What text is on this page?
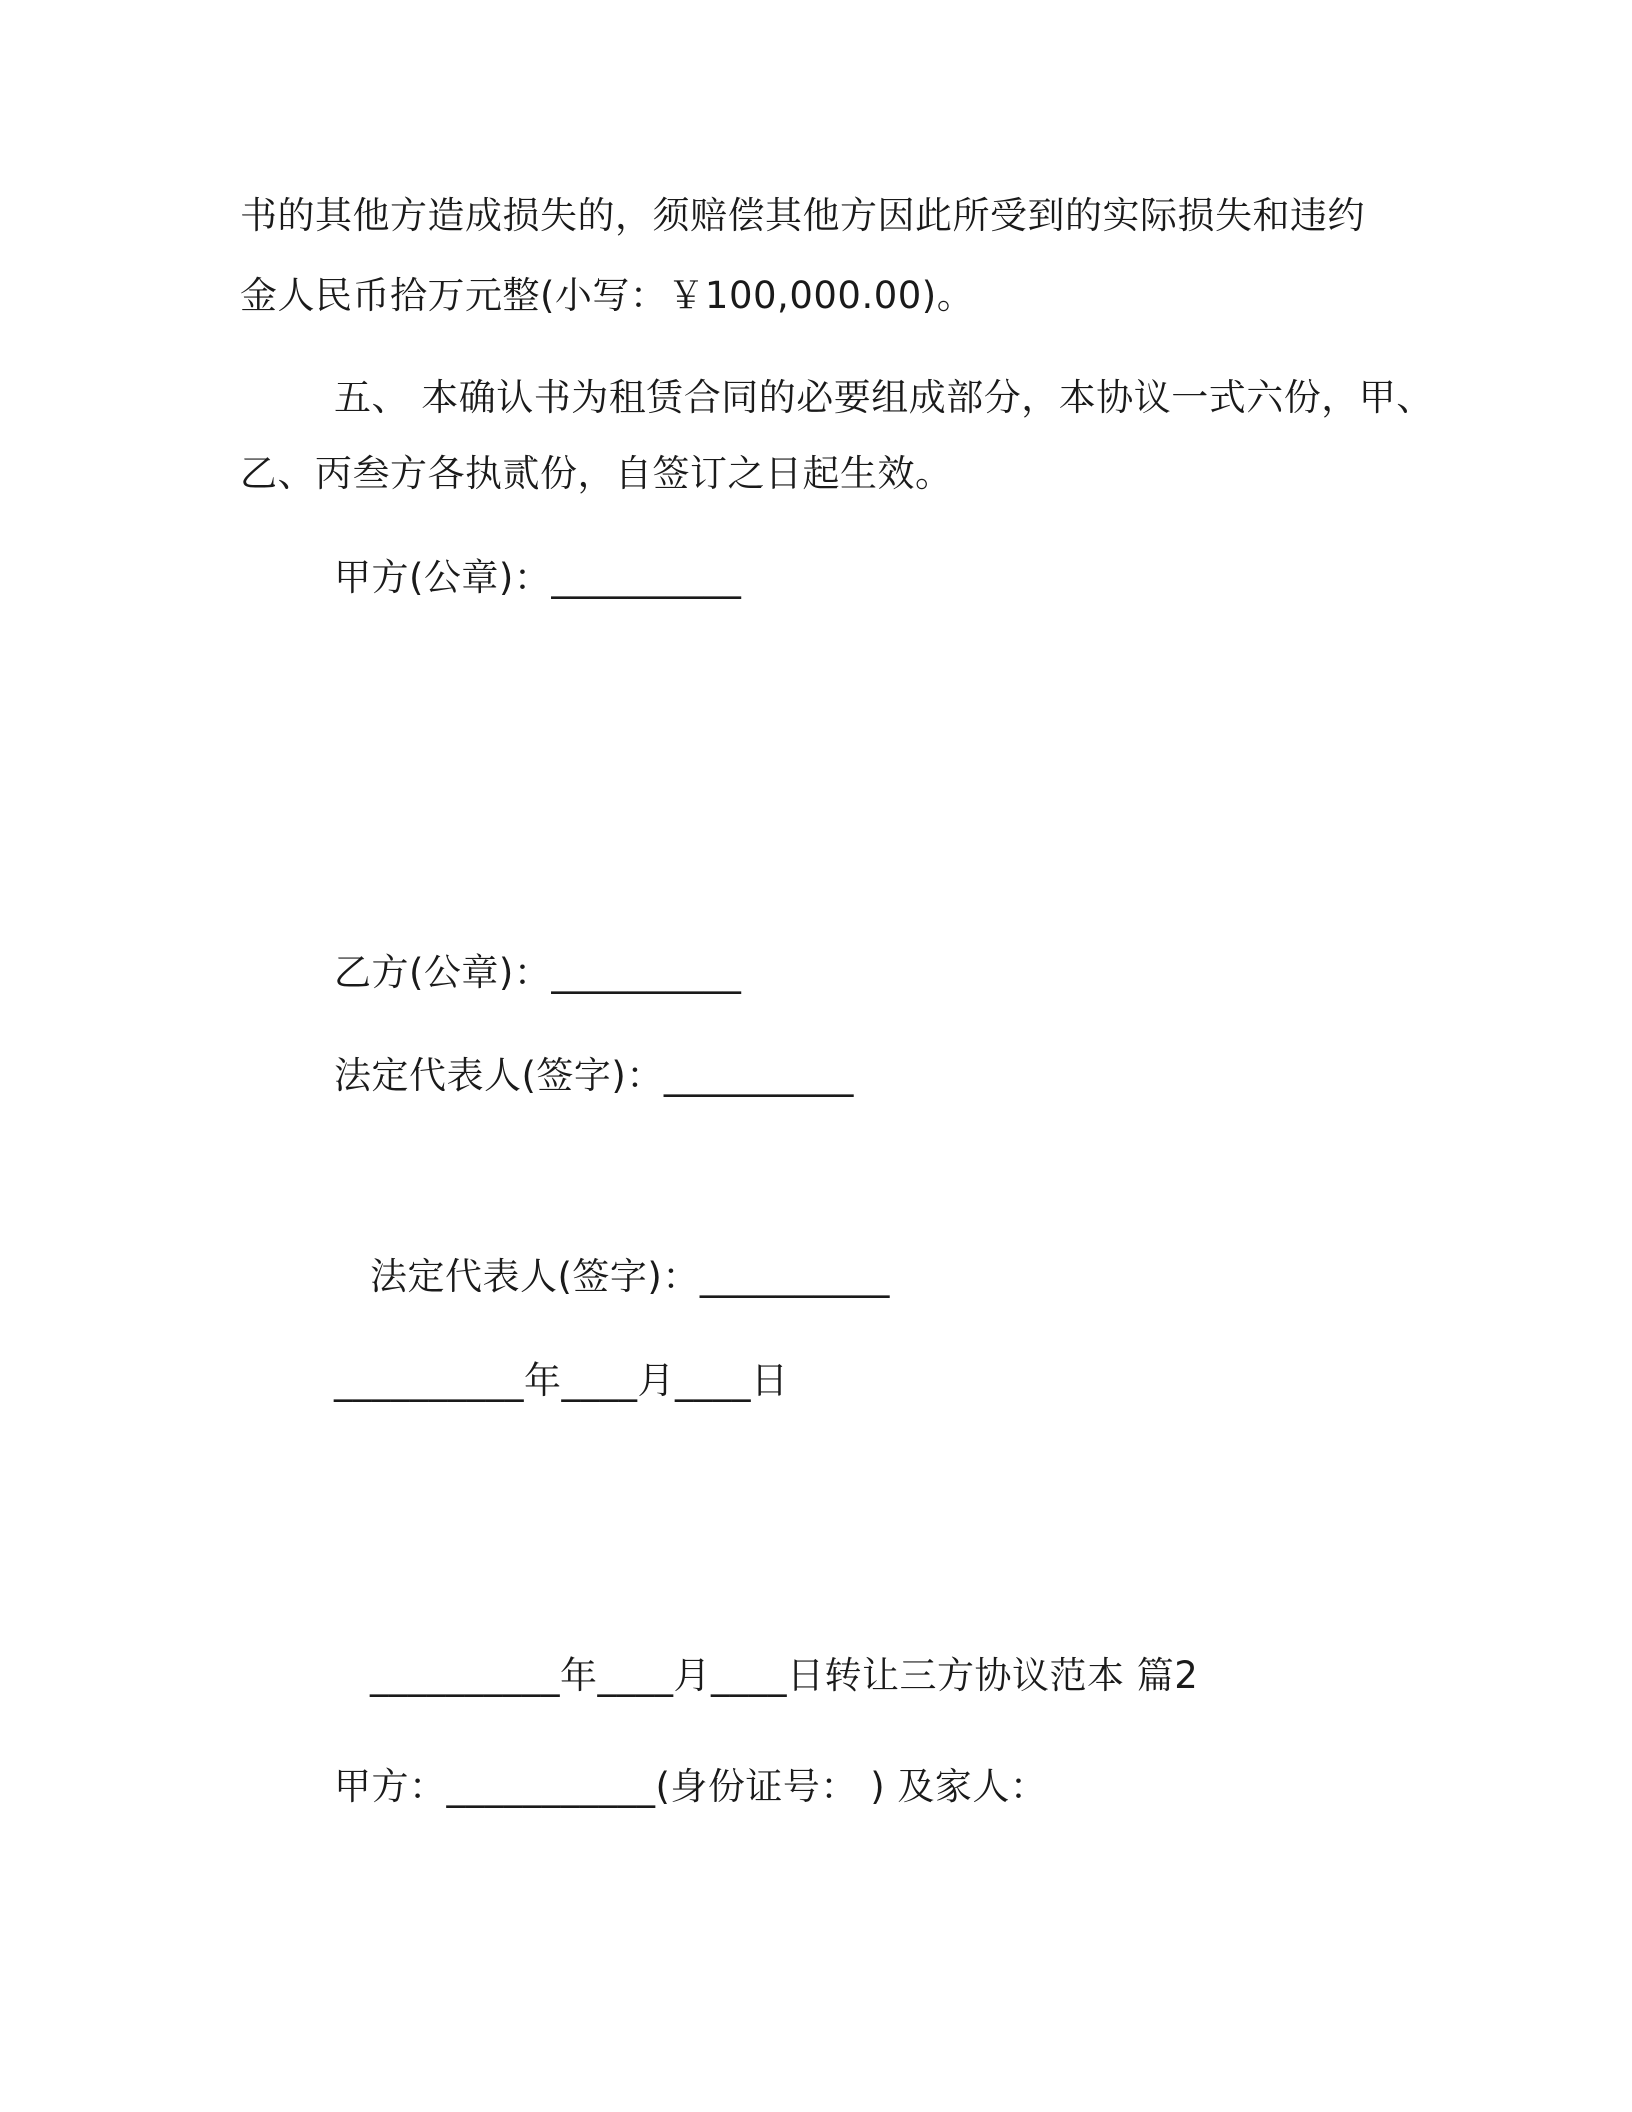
书的其他方造成损失的，须赔偿其他方因此所受到的实际损失和违约
金人民币拾万元整(小写：￥100,000.00)。
五、 本确认书为租赁合同的必要组成部分，本协议一式六份，甲、
乙、丙叁方各执贰份，自签订之日起生效。
甲方(公章)：__________
乙方(公章)：__________
法定代表人(签字)：__________
法定代表人(签字)：__________
__________年____月____日
__________年____月____日转让三方协议范本 篇2
甲方：___________(身份证号： ) 及家人：
